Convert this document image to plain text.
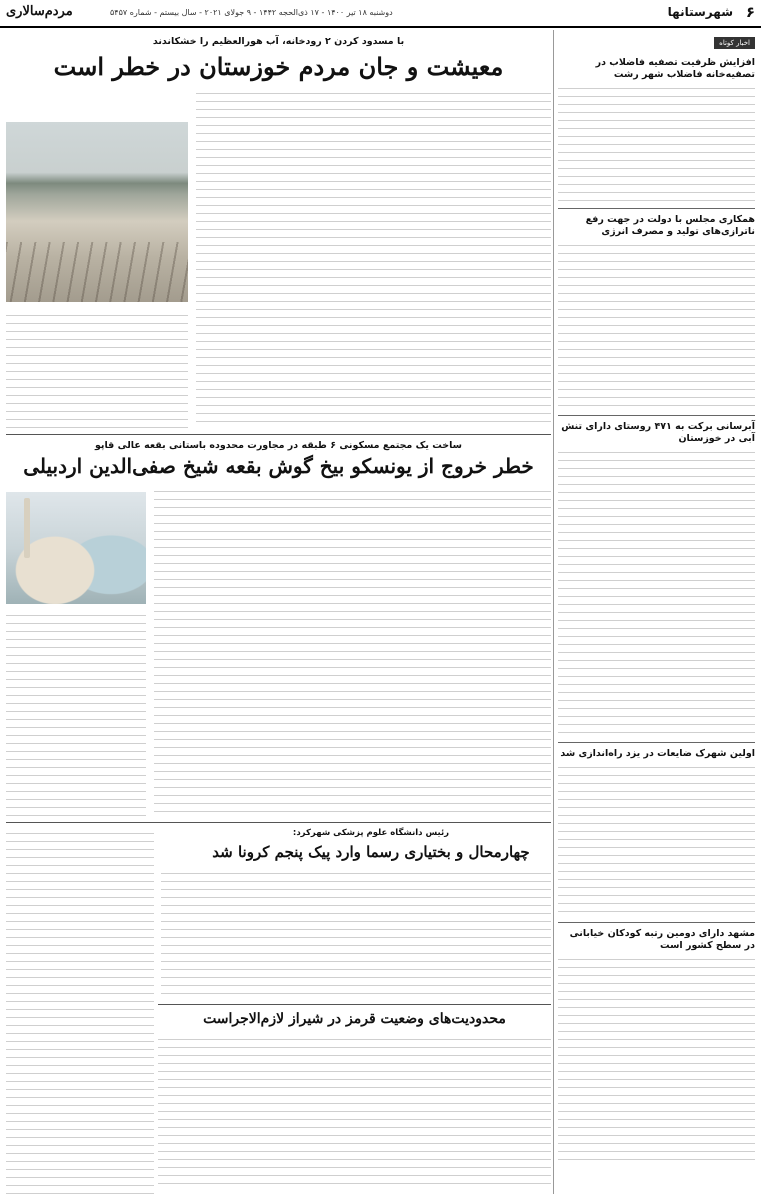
۶
شهرستانها
دوشنبه ۱۸ تیر ۱۴۰۰ - ۱۷ ذی‌الحجه ۱۴۴۲ - ۹ جولای ۲۰۲۱ - سال بیستم - شماره ۵۴۵۷
مردم‌سالاری
اخبار کوتاه
افزایش ظرفیت تصفیه فاضلاب در تصفیه‌خانه فاضلاب شهر رشت
همکاری مجلس با دولت در جهت رفع ناترازی‌های تولید و مصرف انرژی
آبرسانی برکت به ۴۷۱ روستای دارای تنش آبی در خوزستان
اولین شهرک ضایعات در یزد راه‌اندازی شد
مشهد دارای دومین رتبه کودکان خیابانی در سطح کشور است
با مسدود کردن ۲ رودخانه، آب هورالعظیم را خشکاندند
معیشت و جان مردم خوزستان در خطر است
ساخت یک مجتمع مسکونی ۶ طبقه در مجاورت محدوده باستانی بقعه عالی قاپو
خطر خروج از یونسکو بیخ گوش بقعه شیخ صفی‌الدین اردبیلی
رئیس دانشگاه علوم پزشکی شهرکرد:
چهارمحال و بختیاری رسما وارد پیک پنجم کرونا شد
محدودیت‌های وضعیت قرمز در شیراز لازم‌الاجراست
